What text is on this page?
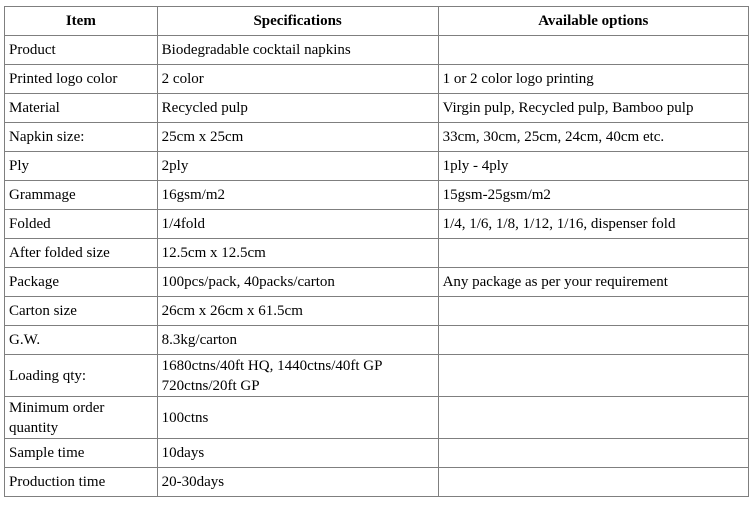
Item	Specifications	Available options

Product	Biodegradable cocktail napkins	

Printed logo color	2 color	1 or 2 color logo printing

Material	Recycled pulp	Virgin pulp, Recycled pulp, Bamboo pulp

Napkin size:	25cm x 25cm	33cm, 30cm, 25cm, 24cm, 40cm etc.

Ply	2ply	1ply - 4ply

Grammage	16gsm/m2	15gsm-25gsm/m2

Folded	1/4fold	1/4, 1/6, 1/8, 1/12, 1/16, dispenser fold

After folded size	12.5cm x 12.5cm	

Package	100pcs/pack, 40packs/carton	Any package as per your requirement

Carton size	26cm x 26cm x 61.5cm	

G.W.	8.3kg/carton	

Loading qty:	1680ctns/40ft HQ, 1440ctns/40ft GP
720ctns/20ft GP	

Minimum order
quantity	100ctns	

Sample time	10days	

Production time	20-30days	
